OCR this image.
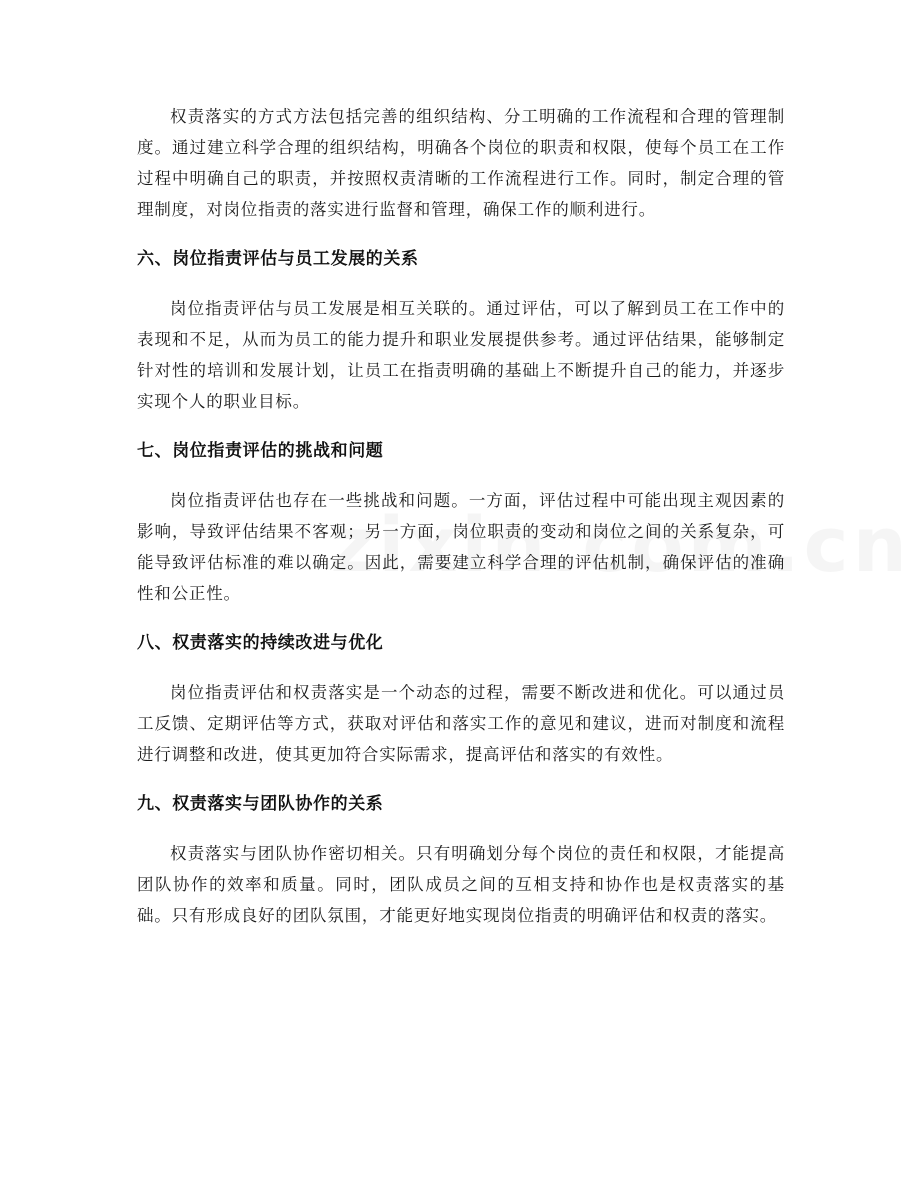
权责落实的方式方法包括完善的组织结构、分工明确的工作流程和合理的管理制度。通过建立科学合理的组织结构，明确各个岗位的职责和权限，使每个员工在工作过程中明确自己的职责，并按照权责清晰的工作流程进行工作。同时，制定合理的管理制度，对岗位指责的落实进行监督和管理，确保工作的顺利进行。

六、岗位指责评估与员工发展的关系

岗位指责评估与员工发展是相互关联的。通过评估，可以了解到员工在工作中的表现和不足，从而为员工的能力提升和职业发展提供参考。通过评估结果，能够制定针对性的培训和发展计划，让员工在指责明确的基础上不断提升自己的能力，并逐步实现个人的职业目标。

七、岗位指责评估的挑战和问题

岗位指责评估也存在一些挑战和问题。一方面，评估过程中可能出现主观因素的影响，导致评估结果不客观；另一方面，岗位职责的变动和岗位之间的关系复杂，可能导致评估标准的难以确定。因此，需要建立科学合理的评估机制，确保评估的准确性和公正性。

八、权责落实的持续改进与优化

岗位指责评估和权责落实是一个动态的过程，需要不断改进和优化。可以通过员工反馈、定期评估等方式，获取对评估和落实工作的意见和建议，进而对制度和流程进行调整和改进，使其更加符合实际需求，提高评估和落实的有效性。

九、权责落实与团队协作的关系

权责落实与团队协作密切相关。只有明确划分每个岗位的责任和权限，才能提高团队协作的效率和质量。同时，团队成员之间的互相支持和协作也是权责落实的基础。只有形成良好的团队氛围，才能更好地实现岗位指责的明确评估和权责的落实。
